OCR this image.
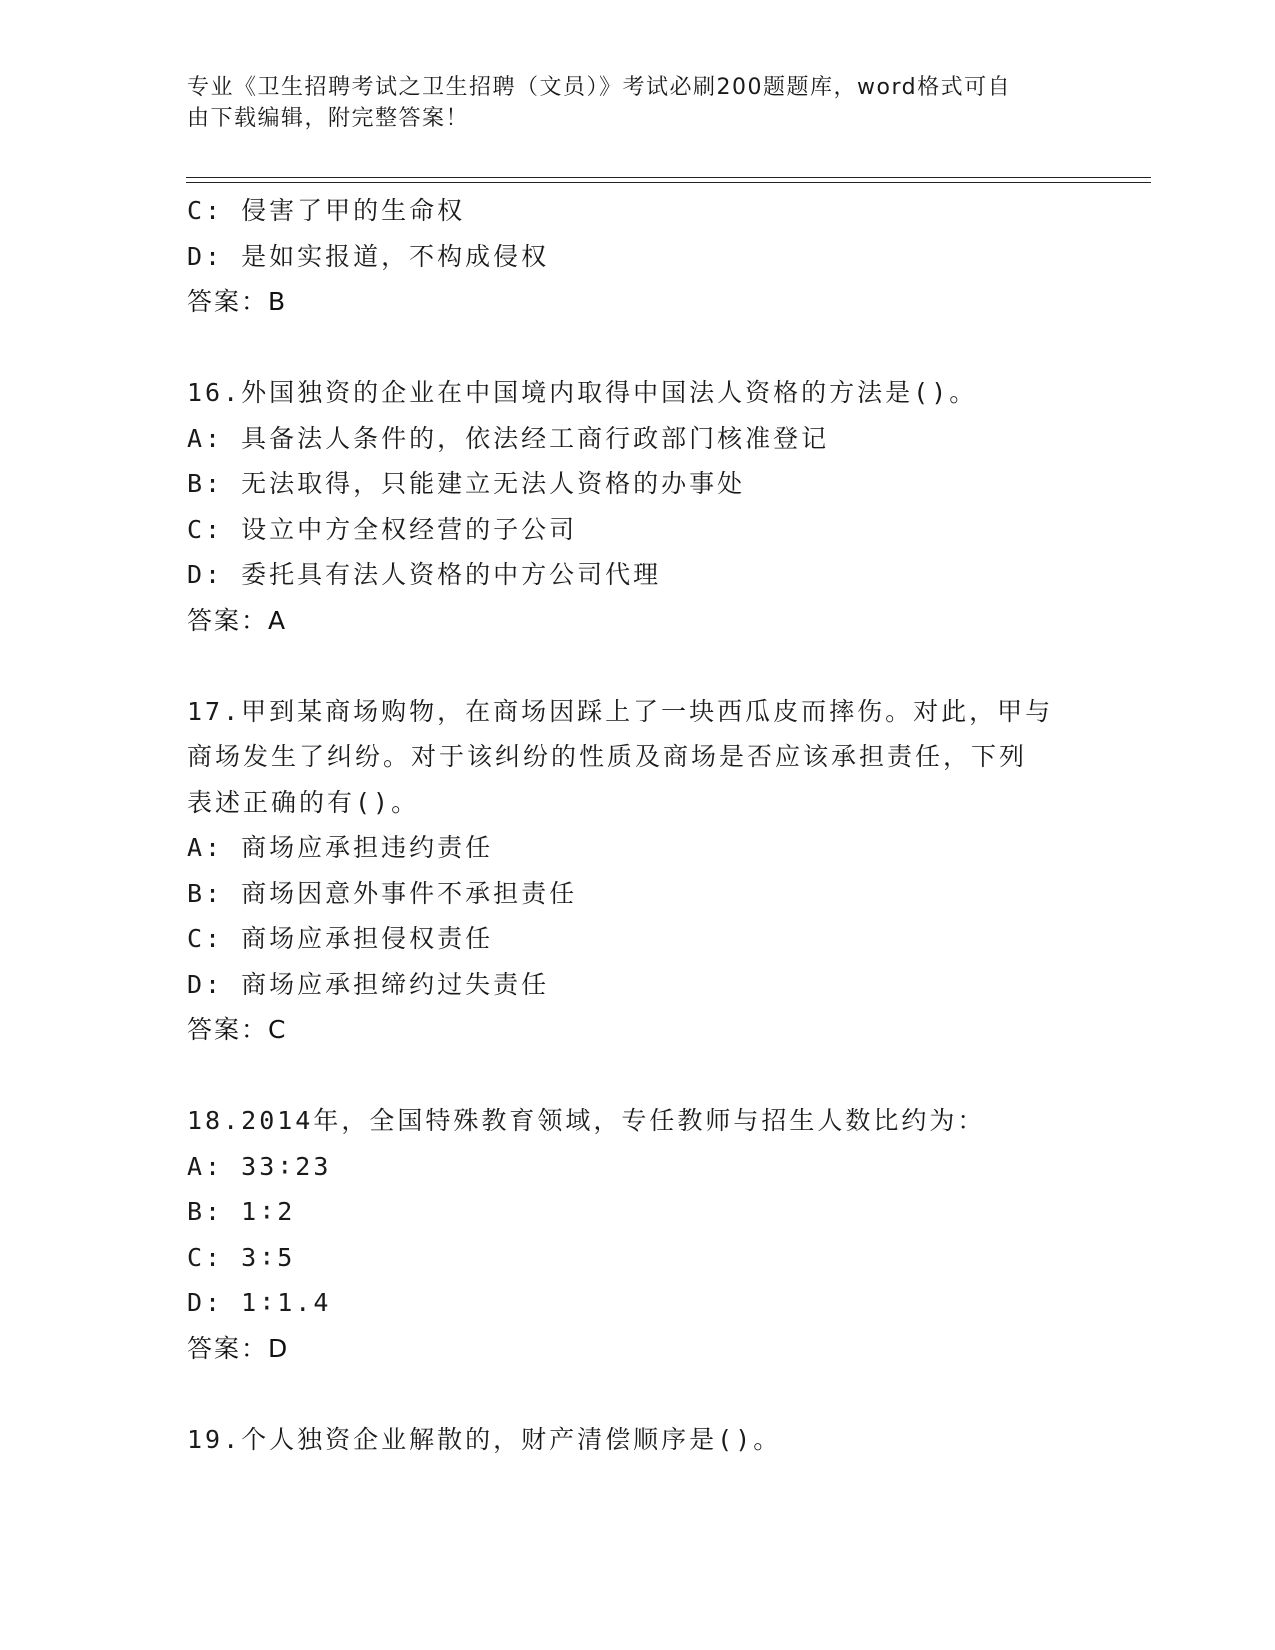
专业《卫生招聘考试之卫生招聘（文员）》考试必刷200题题库，word格式可自
由下载编辑，附完整答案！
C: 侵害了甲的生命权
D: 是如实报道，不构成侵权
答案：B
16.外国独资的企业在中国境内取得中国法人资格的方法是()。
A: 具备法人条件的，依法经工商行政部门核准登记
B: 无法取得，只能建立无法人资格的办事处
C: 设立中方全权经营的子公司
D: 委托具有法人资格的中方公司代理
答案：A
17.甲到某商场购物，在商场因踩上了一块西瓜皮而摔伤。对此，甲与
商场发生了纠纷。对于该纠纷的性质及商场是否应该承担责任，下列
表述正确的有()。
A: 商场应承担违约责任
B: 商场因意外事件不承担责任
C: 商场应承担侵权责任
D: 商场应承担缔约过失责任
答案：C
18.2014年，全国特殊教育领域，专任教师与招生人数比约为：
A: 33∶23
B: 1∶2
C: 3∶5
D: 1∶1.4
答案：D
19.个人独资企业解散的，财产清偿顺序是()。
